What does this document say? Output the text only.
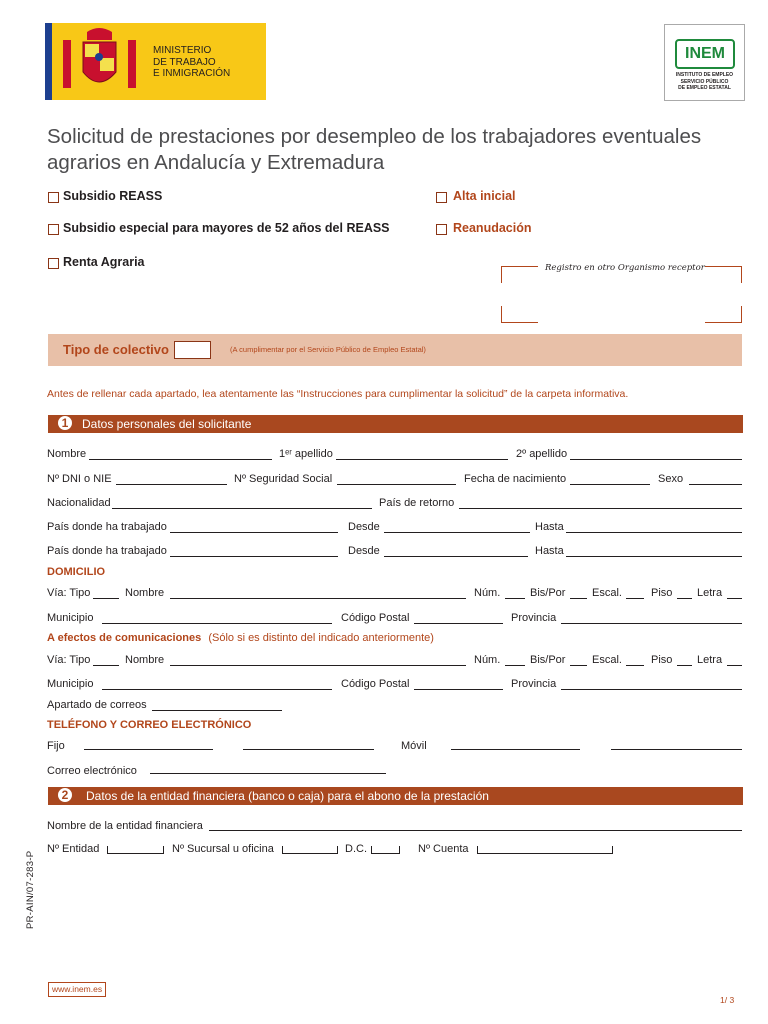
MINISTERIO
DE TRABAJO
E INMIGRACIÓN
INEM
INSTITUTO DE EMPLEO
SERVICIO PÚBLICO
DE EMPLEO ESTATAL
Solicitud de prestaciones por desempleo de los trabajadores eventuales
agrarios en Andalucía y Extremadura
Subsidio REASS
Subsidio especial para mayores de 52 años del REASS
Renta Agraria
Alta inicial
Reanudación
Registro en otro Organismo receptor
Tipo de colectivo	(A cumplimentar por el Servicio Público de Empleo Estatal)
Antes de rellenar cada apartado, lea atentamente las “Instrucciones para cumplimentar la solicitud” de la carpeta informativa.
1	Datos personales del solicitante
Nombre	1ᵉʳ apellido	2º apellido
Nº DNI o NIE	Nº Seguridad Social	Fecha de nacimiento	Sexo
Nacionalidad	País de retorno
País donde ha trabajado	Desde	Hasta
País donde ha trabajado	Desde	Hasta
DOMICILIO
Vía: Tipo	Nombre	Núm.	Bis/Por Escal.	Piso Letra
Municipio	Código Postal	Provincia
A efectos de comunicaciones (Sólo si es distinto del indicado anteriormente)
Vía: Tipo	Nombre	Núm.	Bis/Por Escal.	Piso Letra
Municipio	Código Postal	Provincia
Apartado de correos
TELÉFONO Y CORREO ELECTRÓNICO
Fijo	Móvil
Correo electrónico
2	Datos de la entidad financiera (banco o caja) para el abono de la prestación
Nombre de la entidad financiera
Nº Entidad	Nº Sucursal u oficina	D.C.	Nº Cuenta
PR-AIN/07-283-P
www.inem.es
1/ 3
